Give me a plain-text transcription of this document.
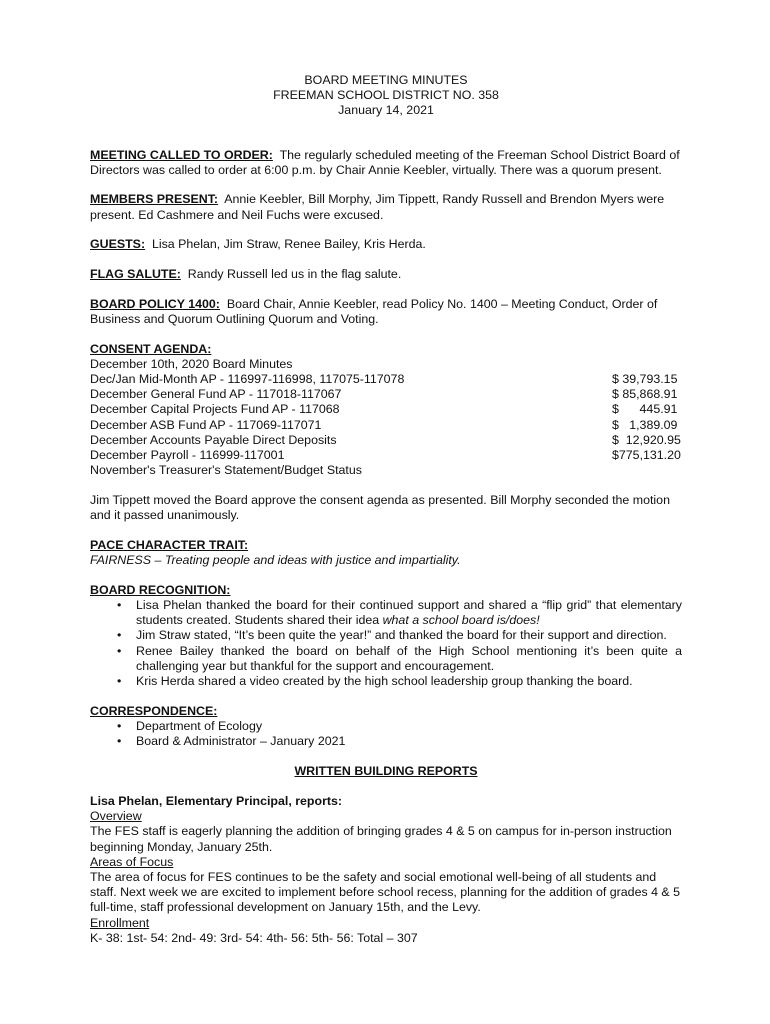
BOARD MEETING MINUTES
FREEMAN SCHOOL DISTRICT NO. 358
January 14, 2021

MEETING CALLED TO ORDER: The regularly scheduled meeting of the Freeman School District Board of Directors was called to order at 6:00 p.m. by Chair Annie Keebler, virtually. There was a quorum present.

MEMBERS PRESENT: Annie Keebler, Bill Morphy, Jim Tippett, Randy Russell and Brendon Myers were present. Ed Cashmere and Neil Fuchs were excused.

GUESTS: Lisa Phelan, Jim Straw, Renee Bailey, Kris Herda.

FLAG SALUTE: Randy Russell led us in the flag salute.

BOARD POLICY 1400: Board Chair, Annie Keebler, read Policy No. 1400 – Meeting Conduct, Order of Business and Quorum Outlining Quorum and Voting.

CONSENT AGENDA:
December 10th, 2020 Board Minutes
Dec/Jan Mid-Month AP - 116997-116998, 117075-117078	$ 39,793.15
December General Fund AP - 117018-117067	$ 85,868.91
December Capital Projects Fund AP - 117068	$      445.91
December ASB Fund AP - 117069-117071	$   1,389.09
December Accounts Payable Direct Deposits	$  12,920.95
December Payroll - 116999-117001	$775,131.20
November's Treasurer's Statement/Budget Status

Jim Tippett moved the Board approve the consent agenda as presented. Bill Morphy seconded the motion and it passed unanimously.

PACE CHARACTER TRAIT:
FAIRNESS – Treating people and ideas with justice and impartiality.
BOARD RECOGNITION:
• Lisa Phelan thanked the board for their continued support and shared a “flip grid” that elementary students created. Students shared their idea what a school board is/does!
• Jim Straw stated, “It’s been quite the year!” and thanked the board for their support and direction.
• Renee Bailey thanked the board on behalf of the High School mentioning it’s been quite a challenging year but thankful for the support and encouragement.
• Kris Herda shared a video created by the high school leadership group thanking the board.
CORRESPONDENCE:
• Department of Ecology
• Board & Administrator – January 2021
WRITTEN BUILDING REPORTS
Lisa Phelan, Elementary Principal, reports:
Overview
The FES staff is eagerly planning the addition of bringing grades 4 & 5 on campus for in-person instruction beginning Monday, January 25th.
Areas of Focus
The area of focus for FES continues to be the safety and social emotional well-being of all students and staff. Next week we are excited to implement before school recess, planning for the addition of grades 4 & 5 full-time, staff professional development on January 15th, and the Levy.
Enrollment
K- 38: 1st- 54: 2nd- 49: 3rd- 54: 4th- 56: 5th- 56: Total – 307
